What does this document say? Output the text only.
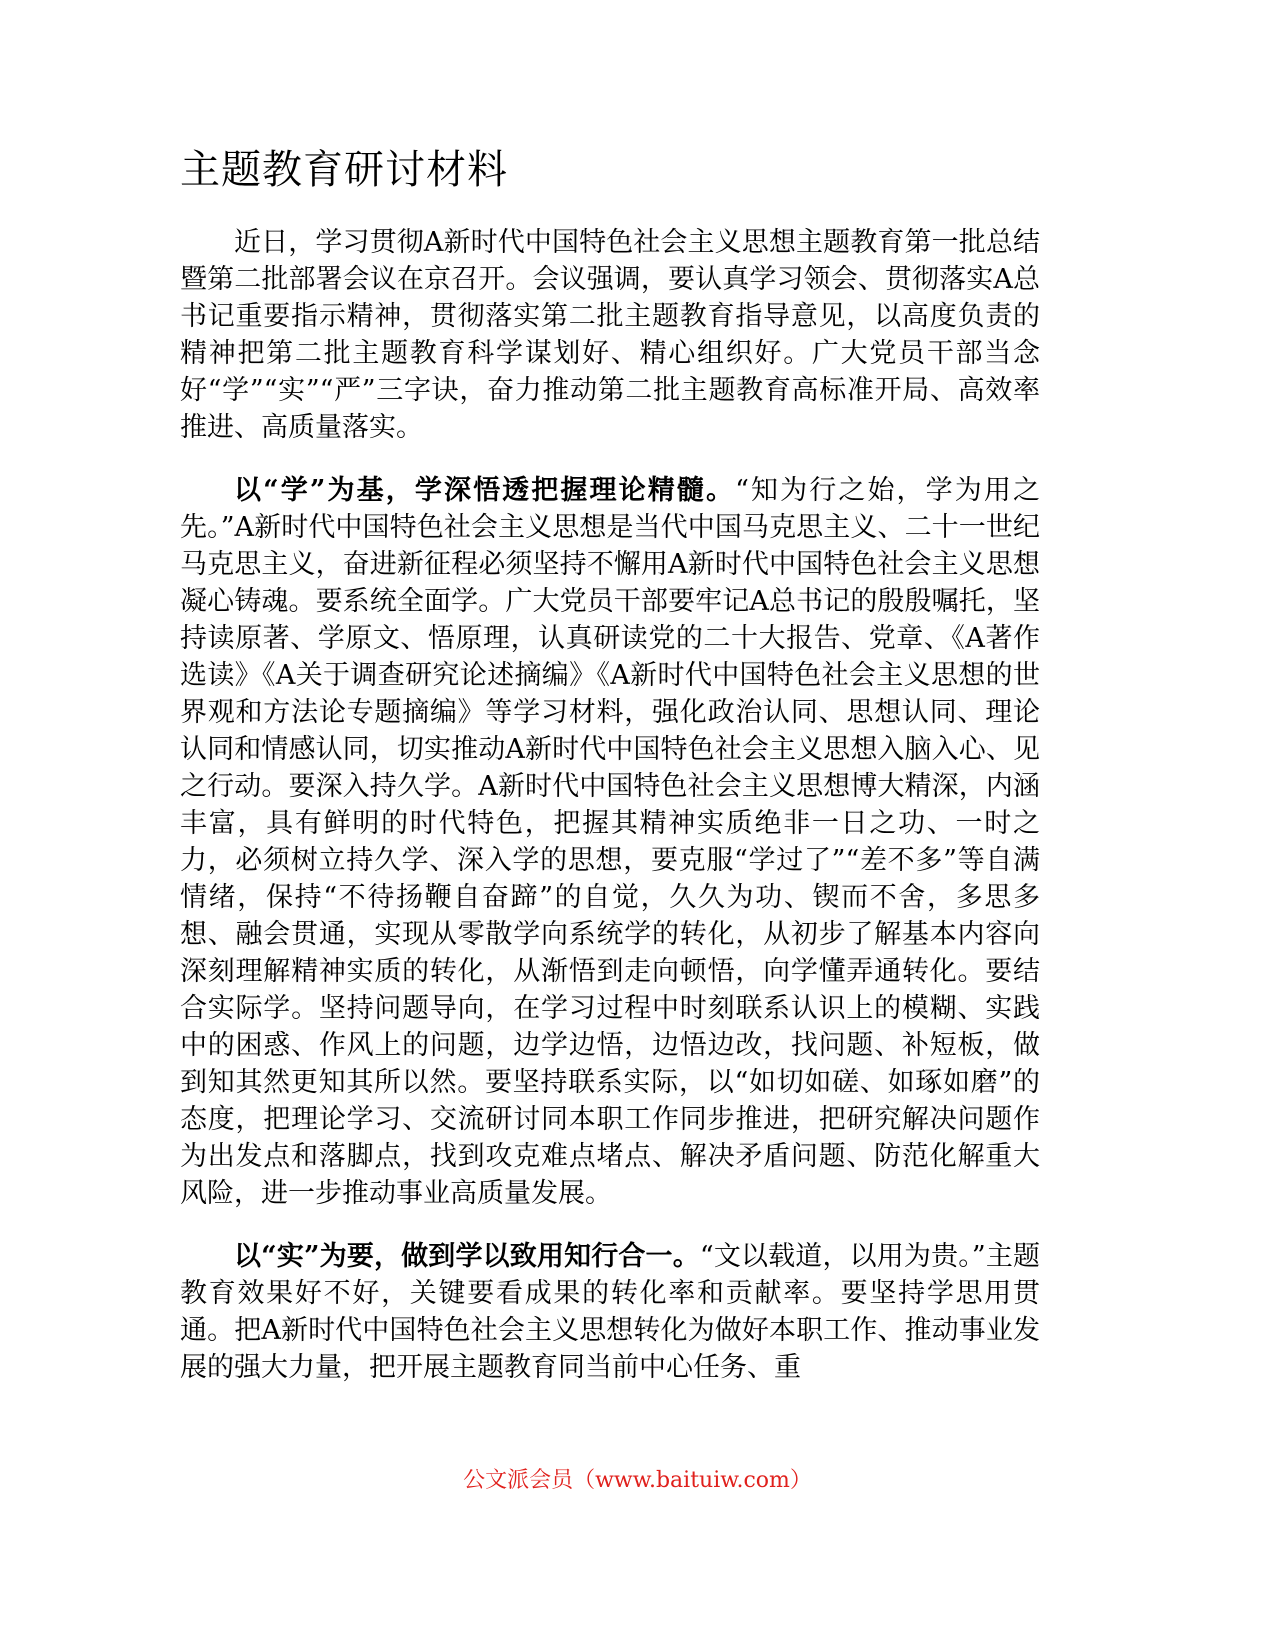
主题教育研讨材料

近日，学习贯彻A新时代中国特色社会主义思想主题教育第一批总结暨第二批部署会议在京召开。会议强调，要认真学习领会、贯彻落实A总书记重要指示精神，贯彻落实第二批主题教育指导意见，以高度负责的精神把第二批主题教育科学谋划好、精心组织好。广大党员干部当念好“学”“实”“严”三字诀，奋力推动第二批主题教育高标准开局、高效率推进、高质量落实。

以“学”为基，学深悟透把握理论精髓。“知为行之始，学为用之先。”A新时代中国特色社会主义思想是当代中国马克思主义、二十一世纪马克思主义，奋进新征程必须坚持不懈用A新时代中国特色社会主义思想凝心铸魂。要系统全面学。广大党员干部要牢记A总书记的殷殷嘱托，坚持读原著、学原文、悟原理，认真研读党的二十大报告、党章、《A著作选读》《A关于调查研究论述摘编》《A新时代中国特色社会主义思想的世界观和方法论专题摘编》等学习材料，强化政治认同、思想认同、理论认同和情感认同，切实推动A新时代中国特色社会主义思想入脑入心、见之行动。要深入持久学。A新时代中国特色社会主义思想博大精深，内涵丰富，具有鲜明的时代特色，把握其精神实质绝非一日之功、一时之力，必须树立持久学、深入学的思想，要克服“学过了”“差不多”等自满情绪，保持“不待扬鞭自奋蹄”的自觉，久久为功、锲而不舍，多思多想、融会贯通，实现从零散学向系统学的转化，从初步了解基本内容向深刻理解精神实质的转化，从渐悟到走向顿悟，向学懂弄通转化。要结合实际学。坚持问题导向，在学习过程中时刻联系认识上的模糊、实践中的困惑、作风上的问题，边学边悟，边悟边改，找问题、补短板，做到知其然更知其所以然。要坚持联系实际，以“如切如磋、如琢如磨”的态度，把理论学习、交流研讨同本职工作同步推进，把研究解决问题作为出发点和落脚点，找到攻克难点堵点、解决矛盾问题、防范化解重大风险，进一步推动事业高质量发展。

以“实”为要，做到学以致用知行合一。“文以载道，以用为贵。”主题教育效果好不好，关键要看成果的转化率和贡献率。要坚持学思用贯通。把A新时代中国特色社会主义思想转化为做好本职工作、推动事业发展的强大力量，把开展主题教育同当前中心任务、重

公文派会员（www.baituiw.com）
